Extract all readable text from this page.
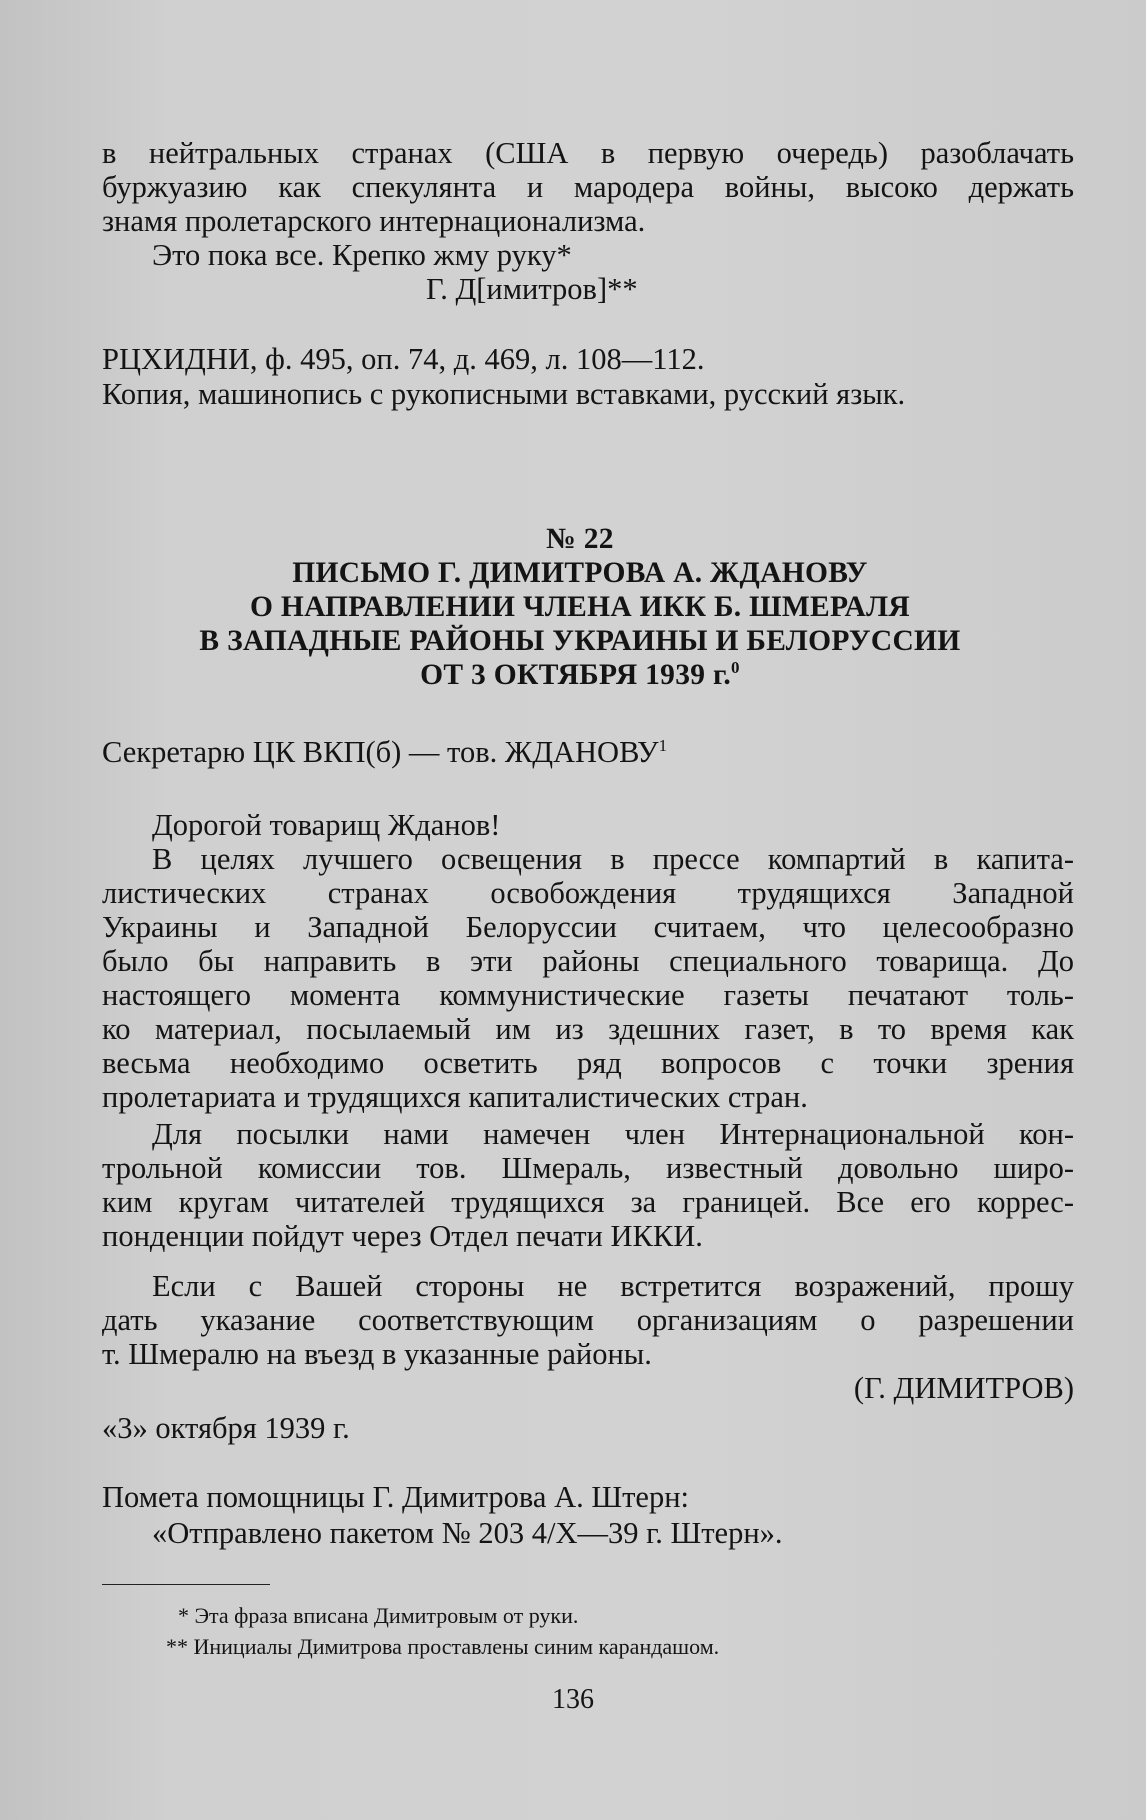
в нейтральных странах (США в первую очередь) разоблачать
буржуазию как спекулянта и мародера войны, высоко держать
знамя пролетарского интернационализма.
Это пока все. Крепко жму руку*
Г. Д[имитров]**
РЦХИДНИ, ф. 495, оп. 74, д. 469, л. 108—112.
Копия, машинопись с рукописными вставками, русский язык.
№ 22
ПИСЬМО Г. ДИМИТРОВА А. ЖДАНОВУ
О НАПРАВЛЕНИИ ЧЛЕНА ИКК Б. ШМЕРАЛЯ
В ЗАПАДНЫЕ РАЙОНЫ УКРАИНЫ И БЕЛОРУССИИ
ОТ 3 ОКТЯБРЯ 1939 г.$^0$
Секретарю ЦК ВКП(б) — тов. ЖДАНОВУ$^1$
Дорогой товарищ Жданов!
В целях лучшего освещения в прессе компартий в капита-
листических странах освобождения трудящихся Западной
Украины и Западной Белоруссии считаем, что целесообразно
было бы направить в эти районы специального товарища. До
настоящего момента коммунистические газеты печатают толь-
ко материал, посылаемый им из здешних газет, в то время как
весьма необходимо осветить ряд вопросов с точки зрения
пролетариата и трудящихся капиталистических стран.
Для посылки нами намечен член Интернациональной кон-
трольной комиссии тов. Шмераль, известный довольно широ-
ким кругам читателей трудящихся за границей. Все его коррес-
понденции пойдут через Отдел печати ИККИ.
Если с Вашей стороны не встретится возражений, прошу
дать указание соответствующим организациям о разрешении
т. Шмералю на въезд в указанные районы.
(Г. ДИМИТРОВ)
«3» октября 1939 г.
Помета помощницы Г. Димитрова А. Штерн:
«Отправлено пакетом № 203 4/Х—39 г. Штерн».
* Эта фраза вписана Димитровым от руки.
** Инициалы Димитрова проставлены синим карандашом.
136
